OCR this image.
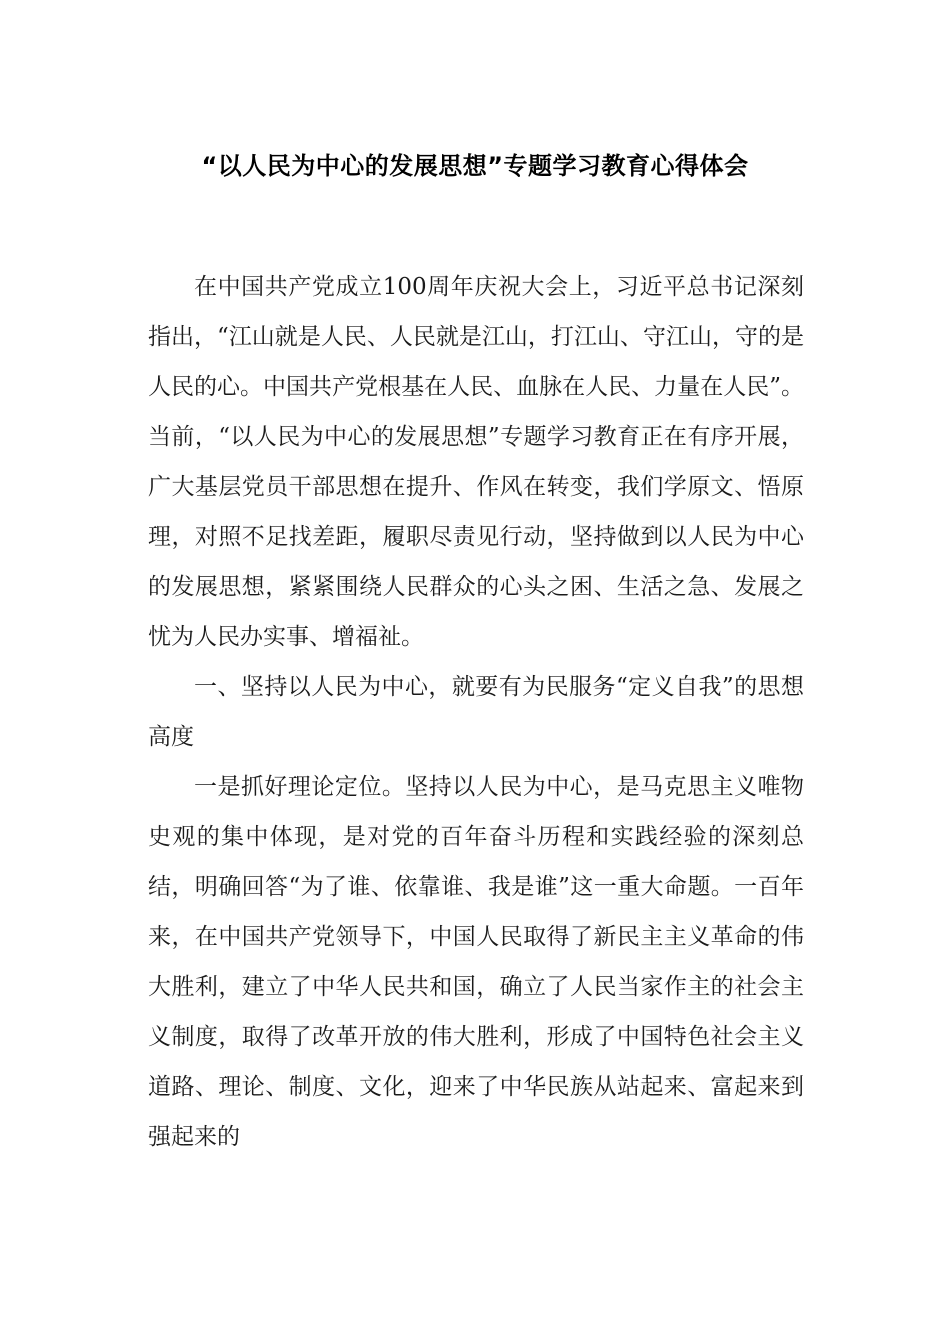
“以人民为中心的发展思想”专题学习教育心得体会

在中国共产党成立100周年庆祝大会上，习近平总书记深刻指出，“江山就是人民、人民就是江山，打江山、守江山，守的是人民的心。中国共产党根基在人民、血脉在人民、力量在人民”。当前，“以人民为中心的发展思想”专题学习教育正在有序开展，广大基层党员干部思想在提升、作风在转变，我们学原文、悟原理，对照不足找差距，履职尽责见行动，坚持做到以人民为中心的发展思想，紧紧围绕人民群众的心头之困、生活之急、发展之忧为人民办实事、增福祉。

一、坚持以人民为中心，就要有为民服务“定义自我”的思想高度

一是抓好理论定位。坚持以人民为中心，是马克思主义唯物史观的集中体现，是对党的百年奋斗历程和实践经验的深刻总结，明确回答“为了谁、依靠谁、我是谁”这一重大命题。一百年来，在中国共产党领导下，中国人民取得了新民主主义革命的伟大胜利，建立了中华人民共和国，确立了人民当家作主的社会主义制度，取得了改革开放的伟大胜利，形成了中国特色社会主义道路、理论、制度、文化，迎来了中华民族从站起来、富起来到强起来的
